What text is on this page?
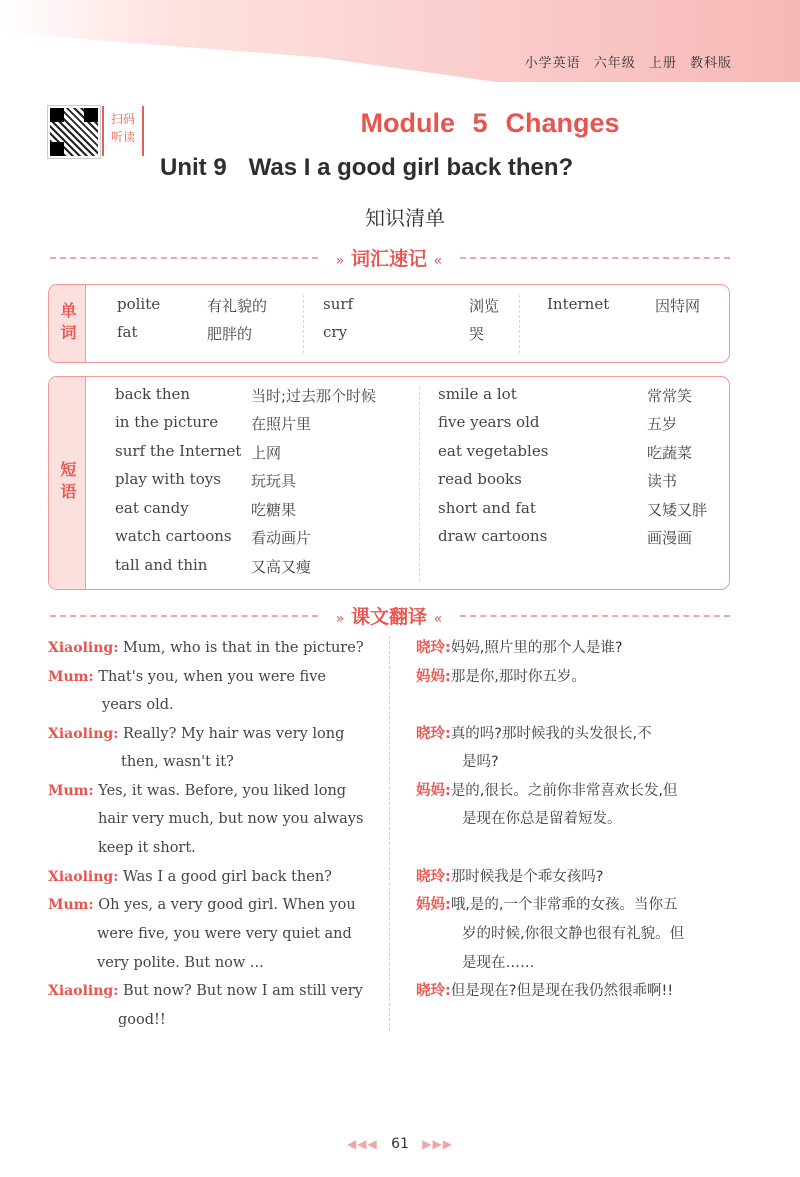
小学英语 六年级 上册 教科版
扫码
听读	Module 5 Changes
Unit 9 Was I a good girl back then?
知识清单
» 词汇速记 «
单词	polite	有礼貌的
fat	肥胖的
surf	浏览
cry	哭
Internet	因特网
短语
back then	当时;过去那个时候
in the picture 在照片里
surf the Internet 上网
play with toys 玩玩具
eat candy	吃糖果
watch cartoons 看动画片
tall and thin	又高又瘦
smile a lot	常常笑
five years old	五岁
eat vegetables	吃蔬菜
read books	读书
short and fat	又矮又胖
draw cartoons	画漫画
» 课文翻译 «
Xiaoling: Mum, who is that in the picture?
Mum: That's you, when you were five
years old.
Xiaoling: Really? My hair was very long
then, wasn't it?
Mum: Yes, it was. Before, you liked long
hair very much, but now you always
keep it short.
Xiaoling: Was I a good girl back then?
Mum: Oh yes, a very good girl. When you
were five, you were very quiet and
very polite. But now ...
Xiaoling: But now? But now I am still very
good!!
晓玲:妈妈,照片里的那个人是谁?
妈妈:那是你,那时你五岁。
晓玲:真的吗?那时候我的头发很长,不
是吗?
妈妈:是的,很长。之前你非常喜欢长发,但
是现在你总是留着短发。
晓玲:那时候我是个乖女孩吗?
妈妈:哦,是的,一个非常乖的女孩。当你五
岁的时候,你很文静也很有礼貌。但
是现在……
晓玲:但是现在?但是现在我仍然很乖啊!!
◀◀◀ 61 ▶▶▶
